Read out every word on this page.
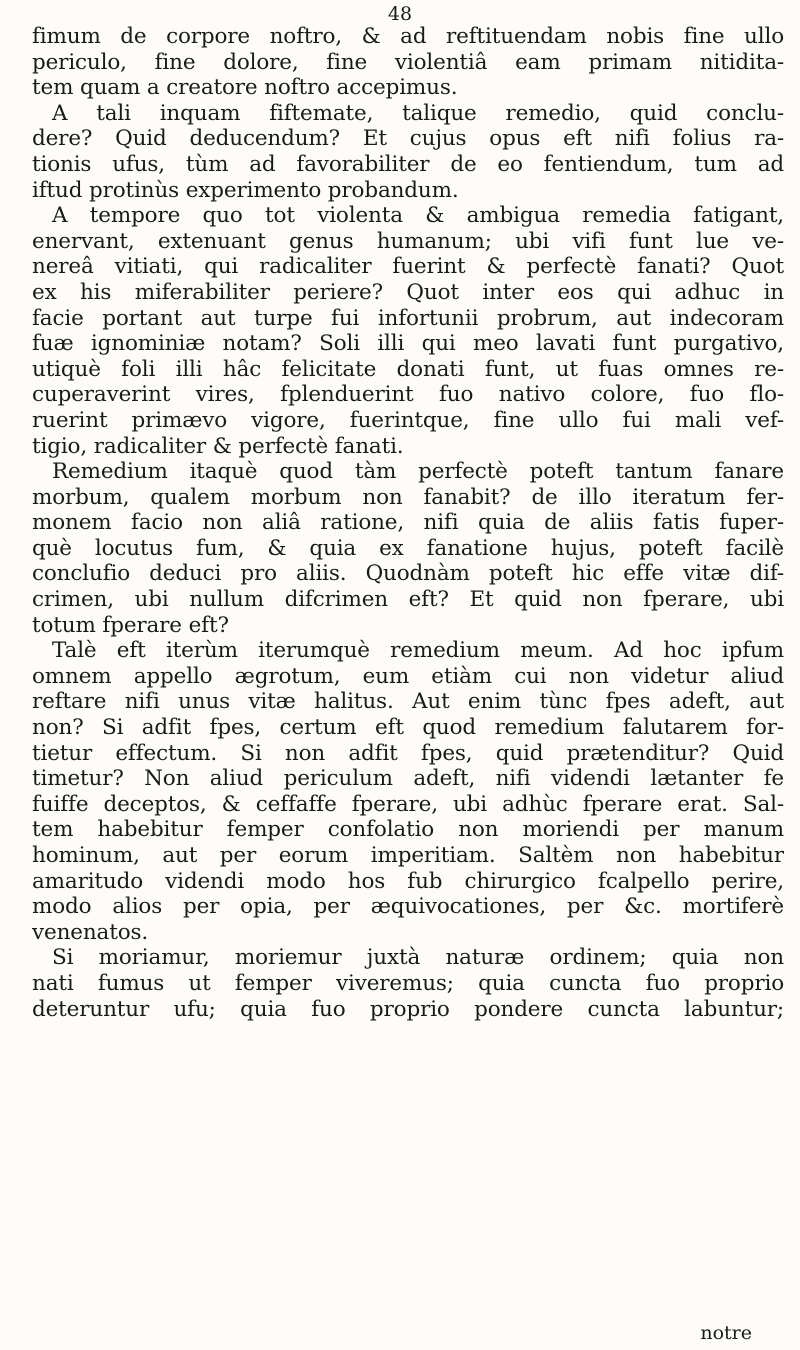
48
fimum de corpore noftro, & ad reftituendam nobis fine ullo
periculo, fine dolore, fine violentiâ eam primam nitidita-
tem quam a creatore noftro accepimus.
A tali inquam fiftemate, talique remedio, quid conclu-
dere? Quid deducendum? Et cujus opus eft nifi folius ra-
tionis ufus, tùm ad favorabiliter de eo fentiendum, tum ad
iftud protinùs experimento probandum.
A tempore quo tot violenta & ambigua remedia fatigant,
enervant, extenuant genus humanum; ubi vifi funt lue ve-
nereâ vitiati, qui radicaliter fuerint & perfectè fanati? Quot
ex his miferabiliter periere? Quot inter eos qui adhuc in
facie portant aut turpe fui infortunii probrum, aut indecoram
fuæ ignominiæ notam? Soli illi qui meo lavati funt purgativo,
utiquè foli illi hâc felicitate donati funt, ut fuas omnes re-
cuperaverint vires, fplenduerint fuo nativo colore, fuo flo-
ruerint primævo vigore, fuerintque, fine ullo fui mali vef-
tigio, radicaliter & perfectè fanati.
Remedium itaquè quod tàm perfectè poteft tantum fanare
morbum, qualem morbum non fanabit? de illo iteratum fer-
monem facio non aliâ ratione, nifi quia de aliis fatis fuper-
què locutus fum, & quia ex fanatione hujus, poteft facilè
conclufio deduci pro aliis. Quodnàm poteft hic effe vitæ dif-
crimen, ubi nullum difcrimen eft? Et quid non fperare, ubi
totum fperare eft?
Talè eft iterùm iterumquè remedium meum. Ad hoc ipfum
omnem appello ægrotum, eum etiàm cui non videtur aliud
reftare nifi unus vitæ halitus. Aut enim tùnc fpes adeft, aut
non? Si adfit fpes, certum eft quod remedium falutarem for-
tietur effectum. Si non adfit fpes, quid prætenditur? Quid
timetur? Non aliud periculum adeft, nifi videndi lætanter fe
fuiffe deceptos, & ceffaffe fperare, ubi adhùc fperare erat. Sal-
tem habebitur femper confolatio non moriendi per manum
hominum, aut per eorum imperitiam. Saltèm non habebitur
amaritudo videndi modo hos fub chirurgico fcalpello perire,
modo alios per opia, per æquivocationes, per &c. mortiferè
venenatos.
Si moriamur, moriemur juxtà naturæ ordinem; quia non
nati fumus ut femper viveremus; quia cuncta fuo proprio
deteruntur ufu; quia fuo proprio pondere cuncta labuntur;
notre
